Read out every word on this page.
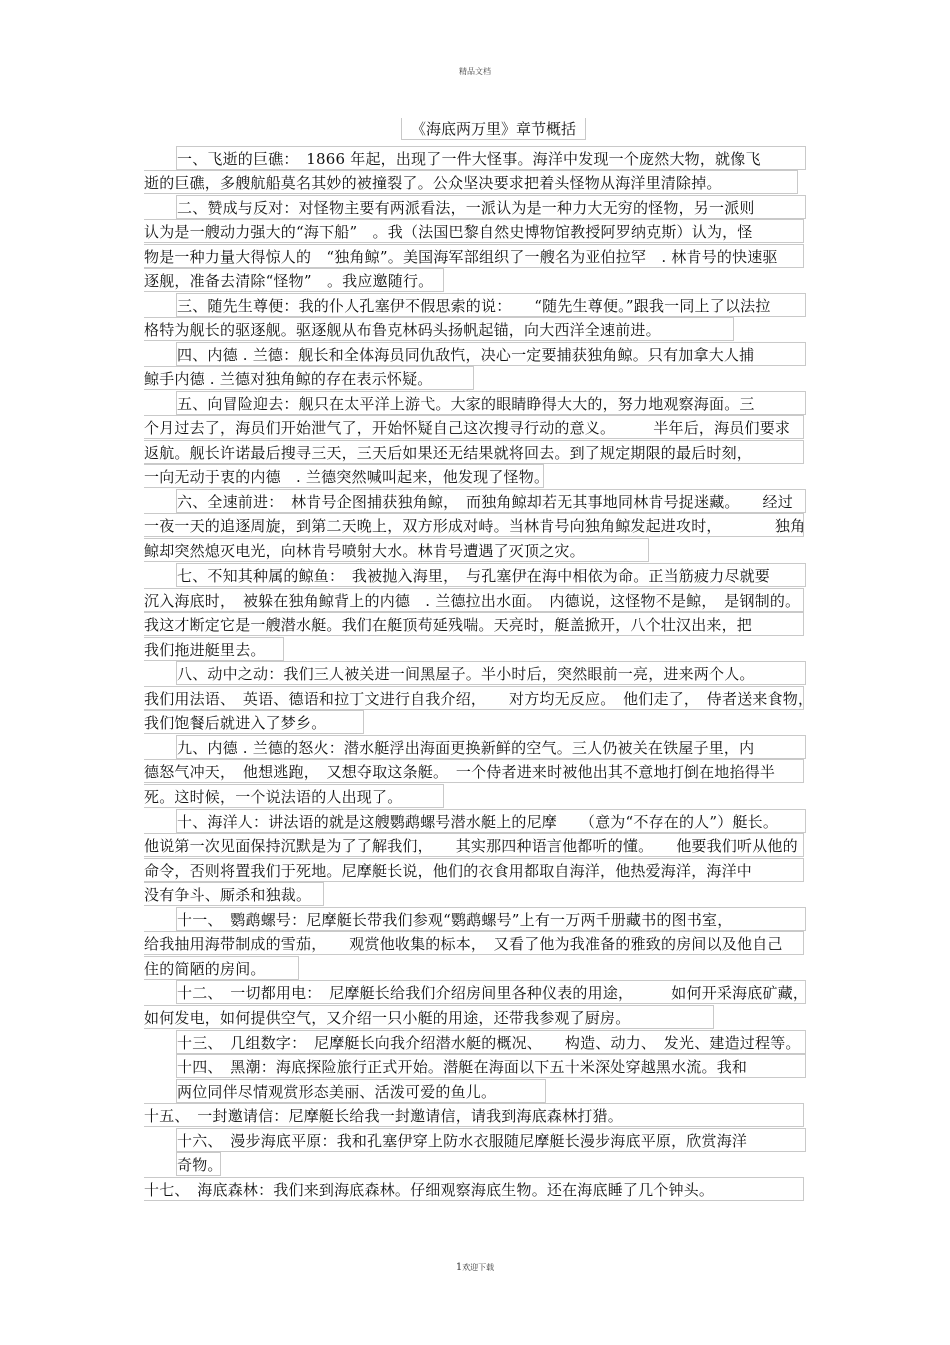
精品文档
《海底两万里》章节概括
一、飞逝的巨礁：　1866 年起，出现了一件大怪事。海洋中发现一个庞然大物，就像飞
逝的巨礁，多艘航船莫名其妙的被撞裂了。公众坚决要求把着头怪物从海洋里清除掉。
二、赞成与反对：对怪物主要有两派看法，一派认为是一种力大无穷的怪物，另一派则
认为是一艘动力强大的“海下船”　。我（法国巴黎自然史博物馆教授阿罗纳克斯）认为，怪
物是一种力量大得惊人的　“独角鲸”。美国海军部组织了一艘名为亚伯拉罕　. 林肯号的快速驱
逐舰，准备去清除“怪物”　。我应邀随行。
三、随先生尊便：我的仆人孔塞伊不假思索的说：　　“随先生尊便。”跟我一同上了以法拉
格特为舰长的驱逐舰。驱逐舰从布鲁克林码头扬帆起锚，向大西洋全速前进。
四、内德 . 兰德：舰长和全体海员同仇敌忾，决心一定要捕获独角鲸。只有加拿大人捕
鲸手内德 . 兰德对独角鲸的存在表示怀疑。
五、向冒险迎去：舰只在太平洋上游弋。大家的眼睛睁得大大的，努力地观察海面。三
个月过去了，海员们开始泄气了，开始怀疑自己这次搜寻行动的意义。　　　半年后，海员们要求
返航。舰长许诺最后搜寻三天，三天后如果还无结果就将回去。到了规定期限的最后时刻，
一向无动于衷的内德　. 兰德突然喊叫起来，他发现了怪物。
六、全速前进：　林肯号企图捕获独角鲸，　而独角鲸却若无其事地同林肯号捉迷藏。　　经过
一夜一天的追逐周旋，到第二天晚上，双方形成对峙。当林肯号向独角鲸发起进攻时，　　　　独角
鲸却突然熄灭电光，向林肯号喷射大水。林肯号遭遇了灭顶之灾。
七、不知其种属的鲸鱼：　我被抛入海里，　与孔塞伊在海中相依为命。正当筋疲力尽就要
沉入海底时，　被躲在独角鲸背上的内德　. 兰德拉出水面。　内德说，这怪物不是鲸，　是钢制的。
我这才断定它是一艘潜水艇。我们在艇顶苟延残喘。天亮时，艇盖掀开，八个壮汉出来，把
我们拖进艇里去。
八、动中之动：我们三人被关进一间黑屋子。半小时后，突然眼前一亮，进来两个人。
我们用法语、　英语、德语和拉丁文进行自我介绍，　　对方均无反应。　他们走了，　侍者送来食物，
我们饱餐后就进入了梦乡。
九、内德 . 兰德的怒火：潜水艇浮出海面更换新鲜的空气。三人仍被关在铁屋子里，内
德怒气冲天，　他想逃跑，　又想夺取这条艇。　一个侍者进来时被他出其不意地打倒在地掐得半
死。这时候，一个说法语的人出现了。
十、海洋人：讲法语的就是这艘鹦鹉螺号潜水艇上的尼摩　　（意为“不存在的人”）艇长。
他说第一次见面保持沉默是为了了解我们，　　其实那四种语言他都听的懂。　　他要我们听从他的
命令，否则将置我们于死地。尼摩艇长说，他们的衣食用都取自海洋，他热爱海洋，海洋中
没有争斗、厮杀和独裁。
十一、　鹦鹉螺号：尼摩艇长带我们参观“鹦鹉螺号”上有一万两千册藏书的图书室，
给我抽用海带制成的雪茄，　　观赏他收集的标本，　又看了他为我准备的雅致的房间以及他自己
住的简陋的房间。
十二、　一切都用电：　尼摩艇长给我们介绍房间里各种仪表的用途，　　　如何开采海底矿藏，
如何发电，如何提供空气，又介绍一只小艇的用途，还带我参观了厨房。
十三、　几组数字：　尼摩艇长向我介绍潜水艇的概况、　　构造、动力、　发光、建造过程等。
十四、　黑潮：海底探险旅行正式开始。潜艇在海面以下五十米深处穿越黑水流。我和
两位同伴尽情观赏形态美丽、活泼可爱的鱼儿。
十五、　一封邀请信：尼摩艇长给我一封邀请信，请我到海底森林打猎。
十六、　漫步海底平原：我和孔塞伊穿上防水衣服随尼摩艇长漫步海底平原，欣赏海洋
奇物。
十七、　海底森林：我们来到海底森林。仔细观察海底生物。还在海底睡了几个钟头。
1欢迎下载
